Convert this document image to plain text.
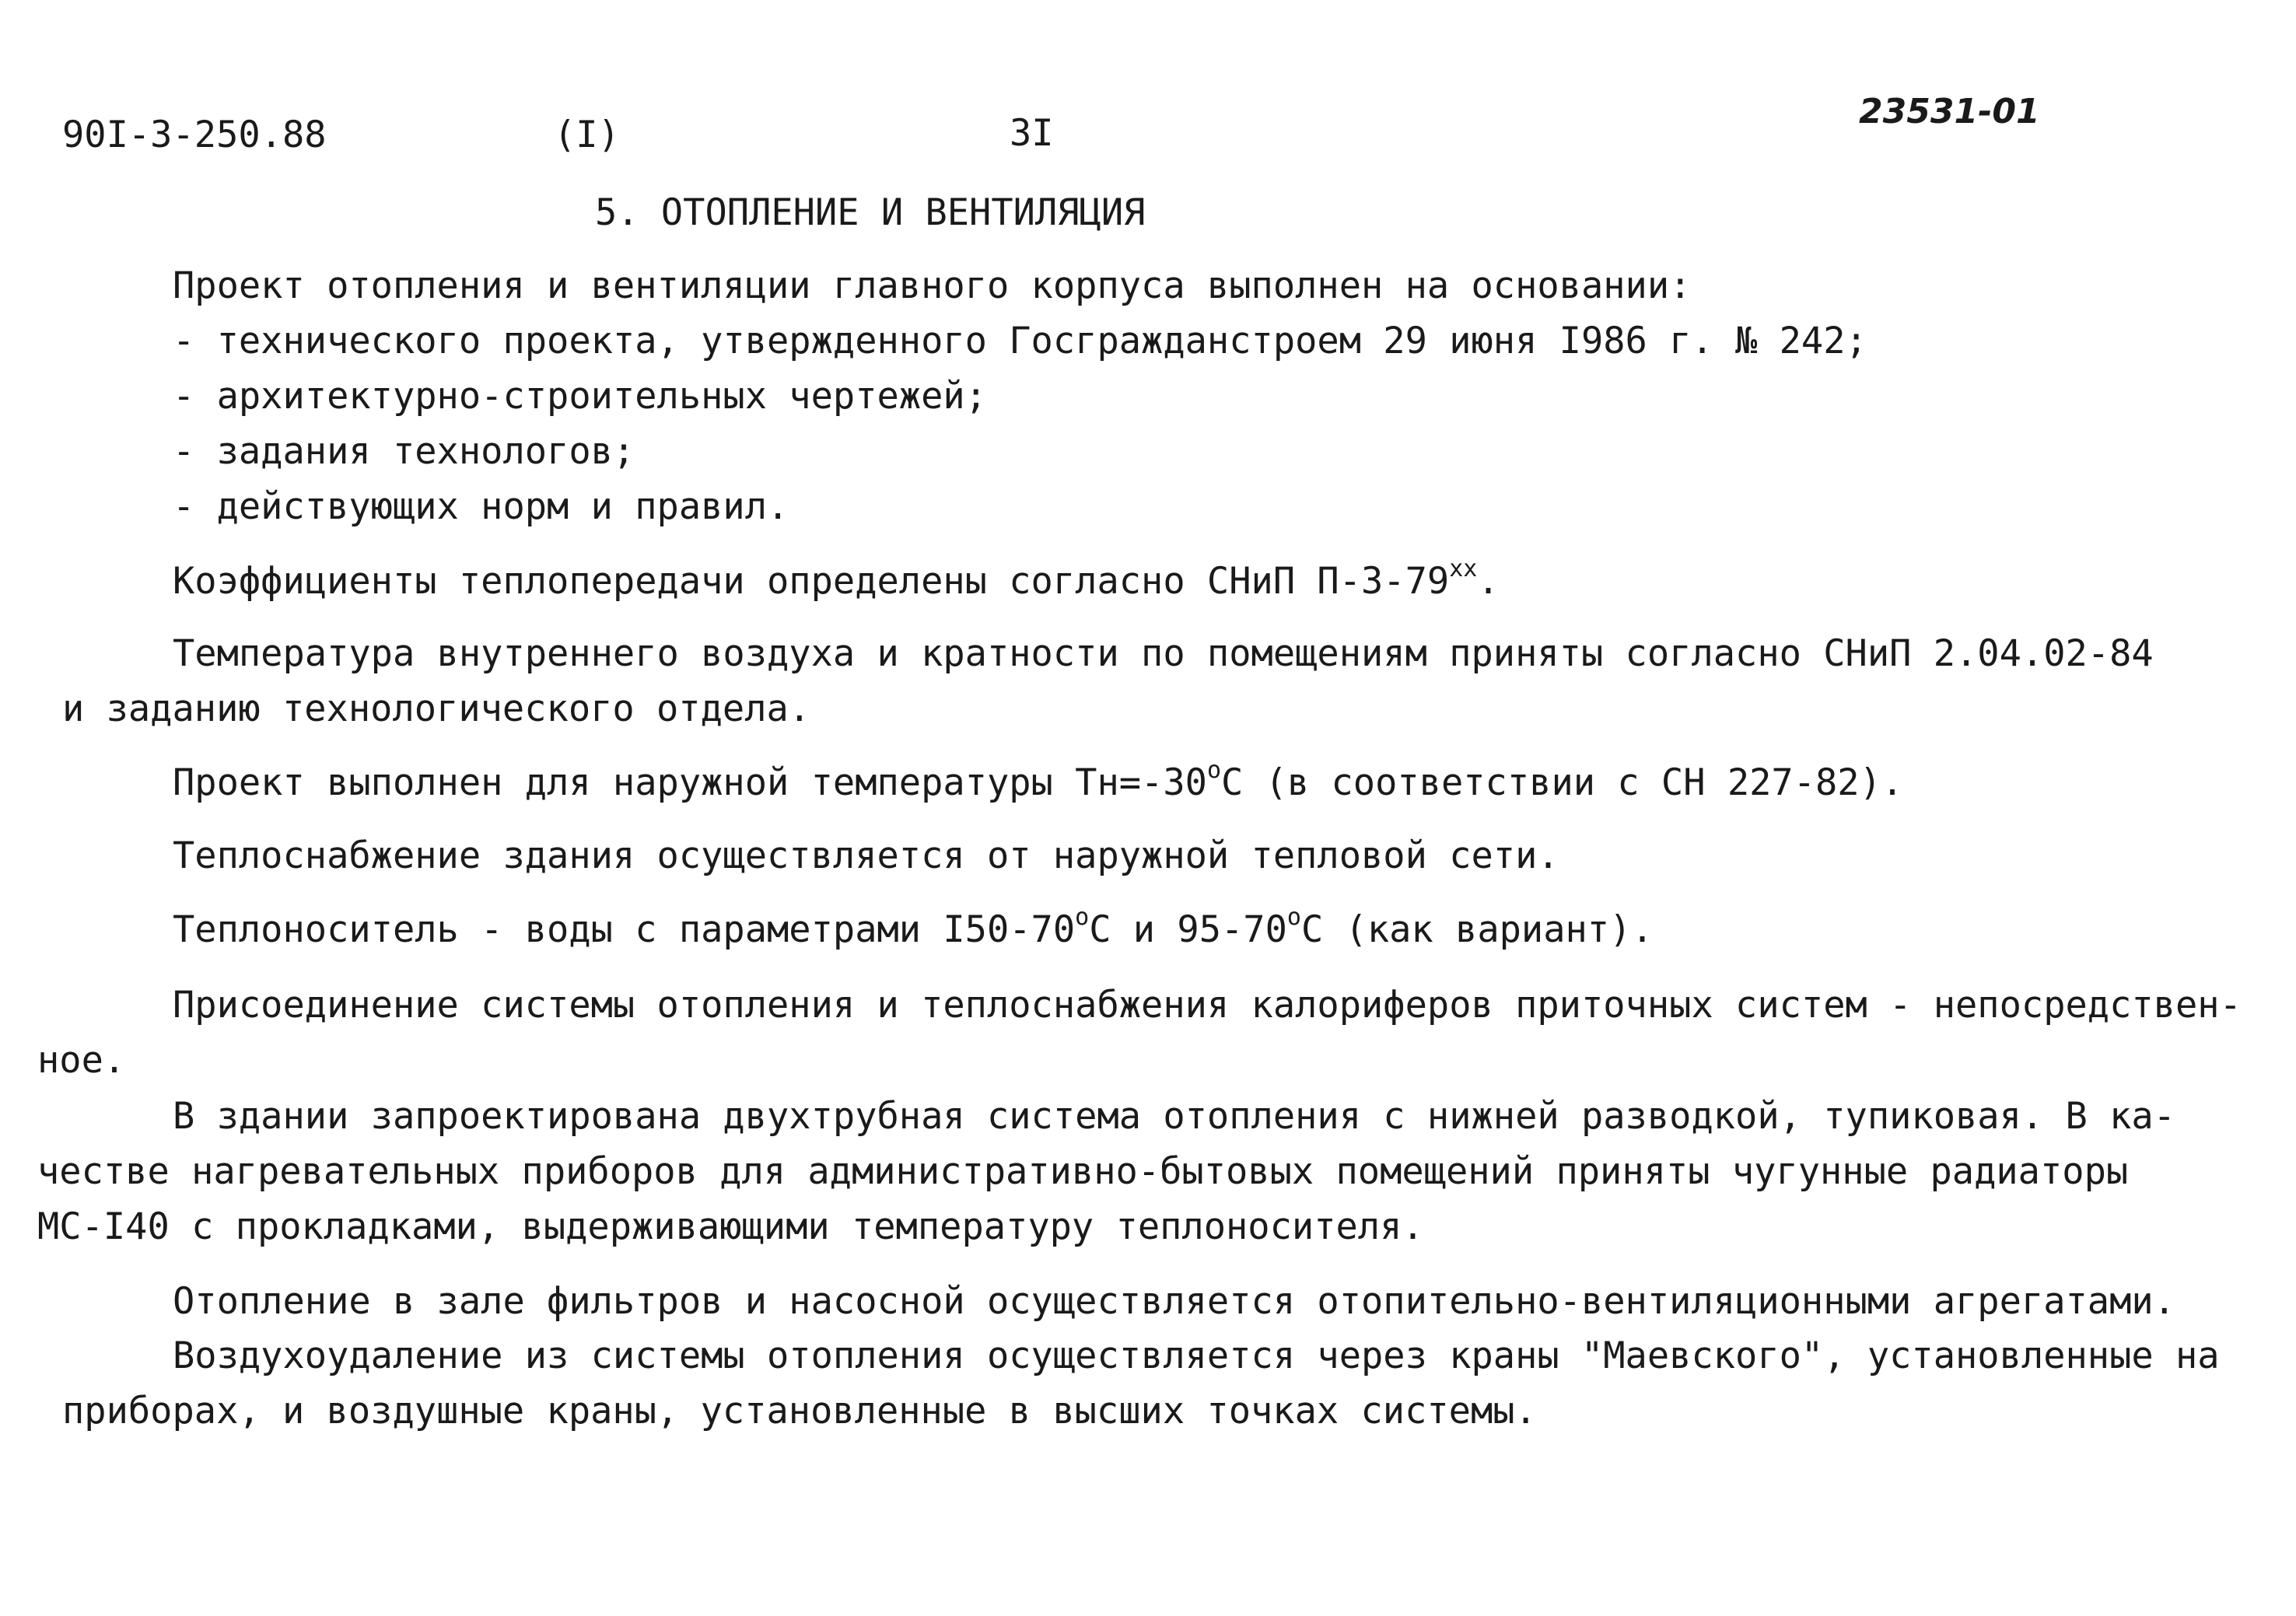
90I-3-250.88	(I)	3I
23531-01
5. ОТОПЛЕНИЕ И ВЕНТИЛЯЦИЯ
Проект отопления и вентиляции главного корпуса выполнен на основании:
- технического проекта, утвержденного Госгражданстроем 29 июня I986 г. № 242;
- архитектурно-строительных чертежей;
- задания технологов;
- действующих норм и правил.
Коэффициенты теплопередачи определены согласно СНиП $П-3-79^{хх}$.
Температура внутреннего воздуха и кратности по помещениям приняты согласно СНиП 2.04.02-84
и заданию технологического отдела.
Проект выполнен для наружной температуры $Тн=-30^оС$ (в соответствии с СН 227-82).
Теплоснабжение здания осуществляется от наружной тепловой сети.
Теплоноситель - воды с параметрами $I50-70^оС$ и $95-70^оС$ (как вариант).
Присоединение системы отопления и теплоснабжения калориферов приточных систем - непосредствен-
ное.
В здании запроектирована двухтрубная система отопления с нижней разводкой, тупиковая. В ка-
честве нагревательных приборов для административно-бытовых помещений приняты чугунные радиаторы
МС-I40 с прокладками, выдерживающими температуру теплоносителя.
Отопление в зале фильтров и насосной осуществляется отопительно-вентиляционными агрегатами.
Воздухоудаление из системы отопления осуществляется через краны "Маевского", установленные на
приборах, и воздушные краны, установленные в высших точках системы.
